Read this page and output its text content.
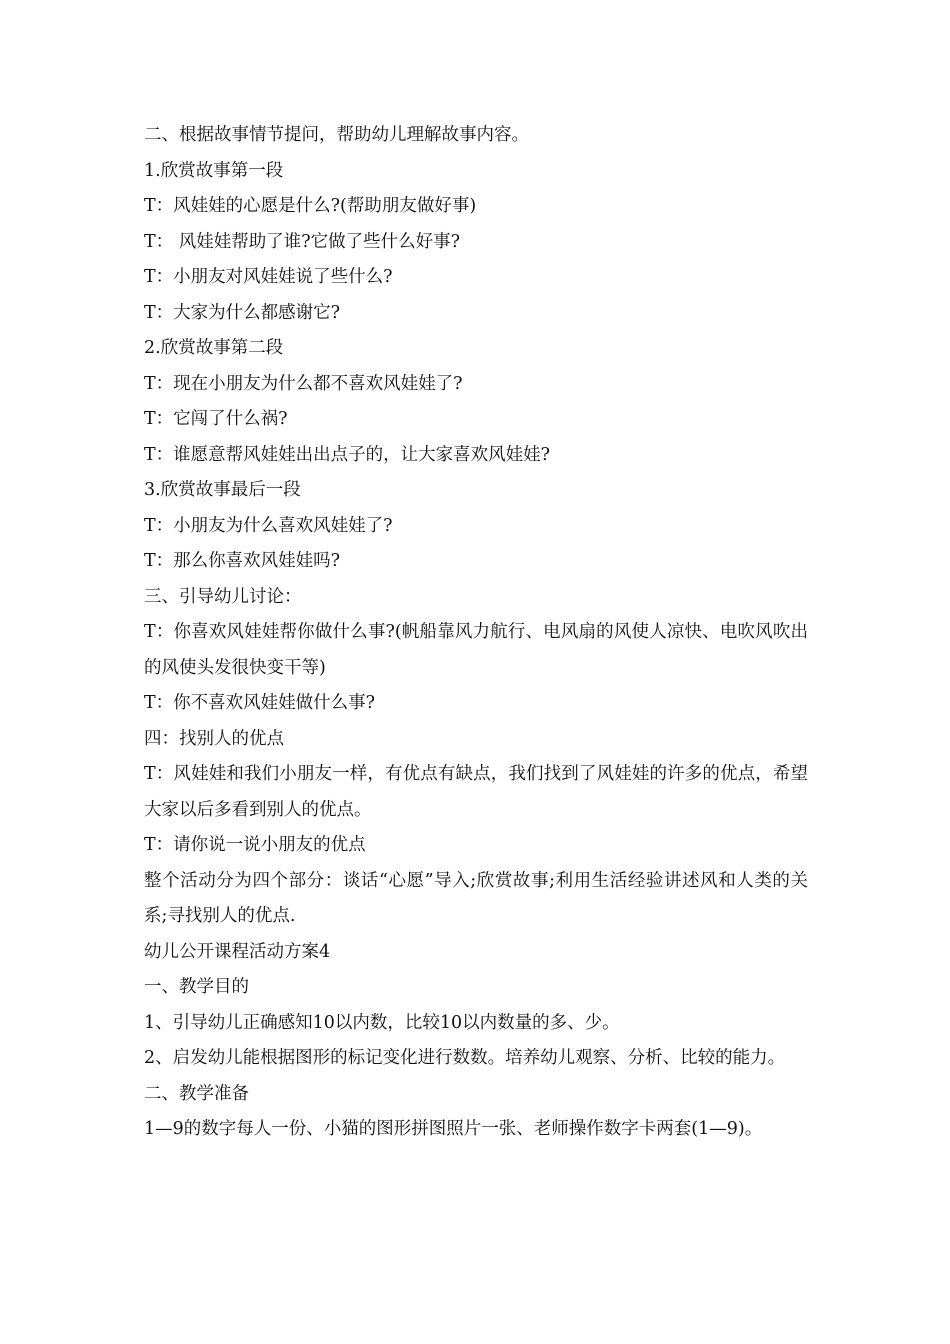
二、根据故事情节提问，帮助幼儿理解故事内容。

1.欣赏故事第一段

T：风娃娃的心愿是什么?(帮助朋友做好事)

T： 风娃娃帮助了谁?它做了些什么好事?

T：小朋友对风娃娃说了些什么?

T：大家为什么都感谢它?

2.欣赏故事第二段

T：现在小朋友为什么都不喜欢风娃娃了?

T：它闯了什么祸?

T：谁愿意帮风娃娃出出点子的，让大家喜欢风娃娃?

3.欣赏故事最后一段

T：小朋友为什么喜欢风娃娃了?

T：那么你喜欢风娃娃吗?

三、引导幼儿讨论：

T：你喜欢风娃娃帮你做什么事?(帆船靠风力航行、电风扇的风使人凉快、电吹风吹出的风使头发很快变干等)

T：你不喜欢风娃娃做什么事?

四：找别人的优点

T：风娃娃和我们小朋友一样，有优点有缺点，我们找到了风娃娃的许多的优点，希望大家以后多看到别人的优点。

T：请你说一说小朋友的优点

整个活动分为四个部分：谈话“心愿”导入;欣赏故事;利用生活经验讲述风和人类的关系;寻找别人的优点.

幼儿公开课程活动方案4

一、教学目的

1、引导幼儿正确感知10以内数，比较10以内数量的多、少。

2、启发幼儿能根据图形的标记变化进行数数。培养幼儿观察、分析、比较的能力。

二、教学准备

1—9的数字每人一份、小猫的图形拼图照片一张、老师操作数字卡两套(1—9)。
